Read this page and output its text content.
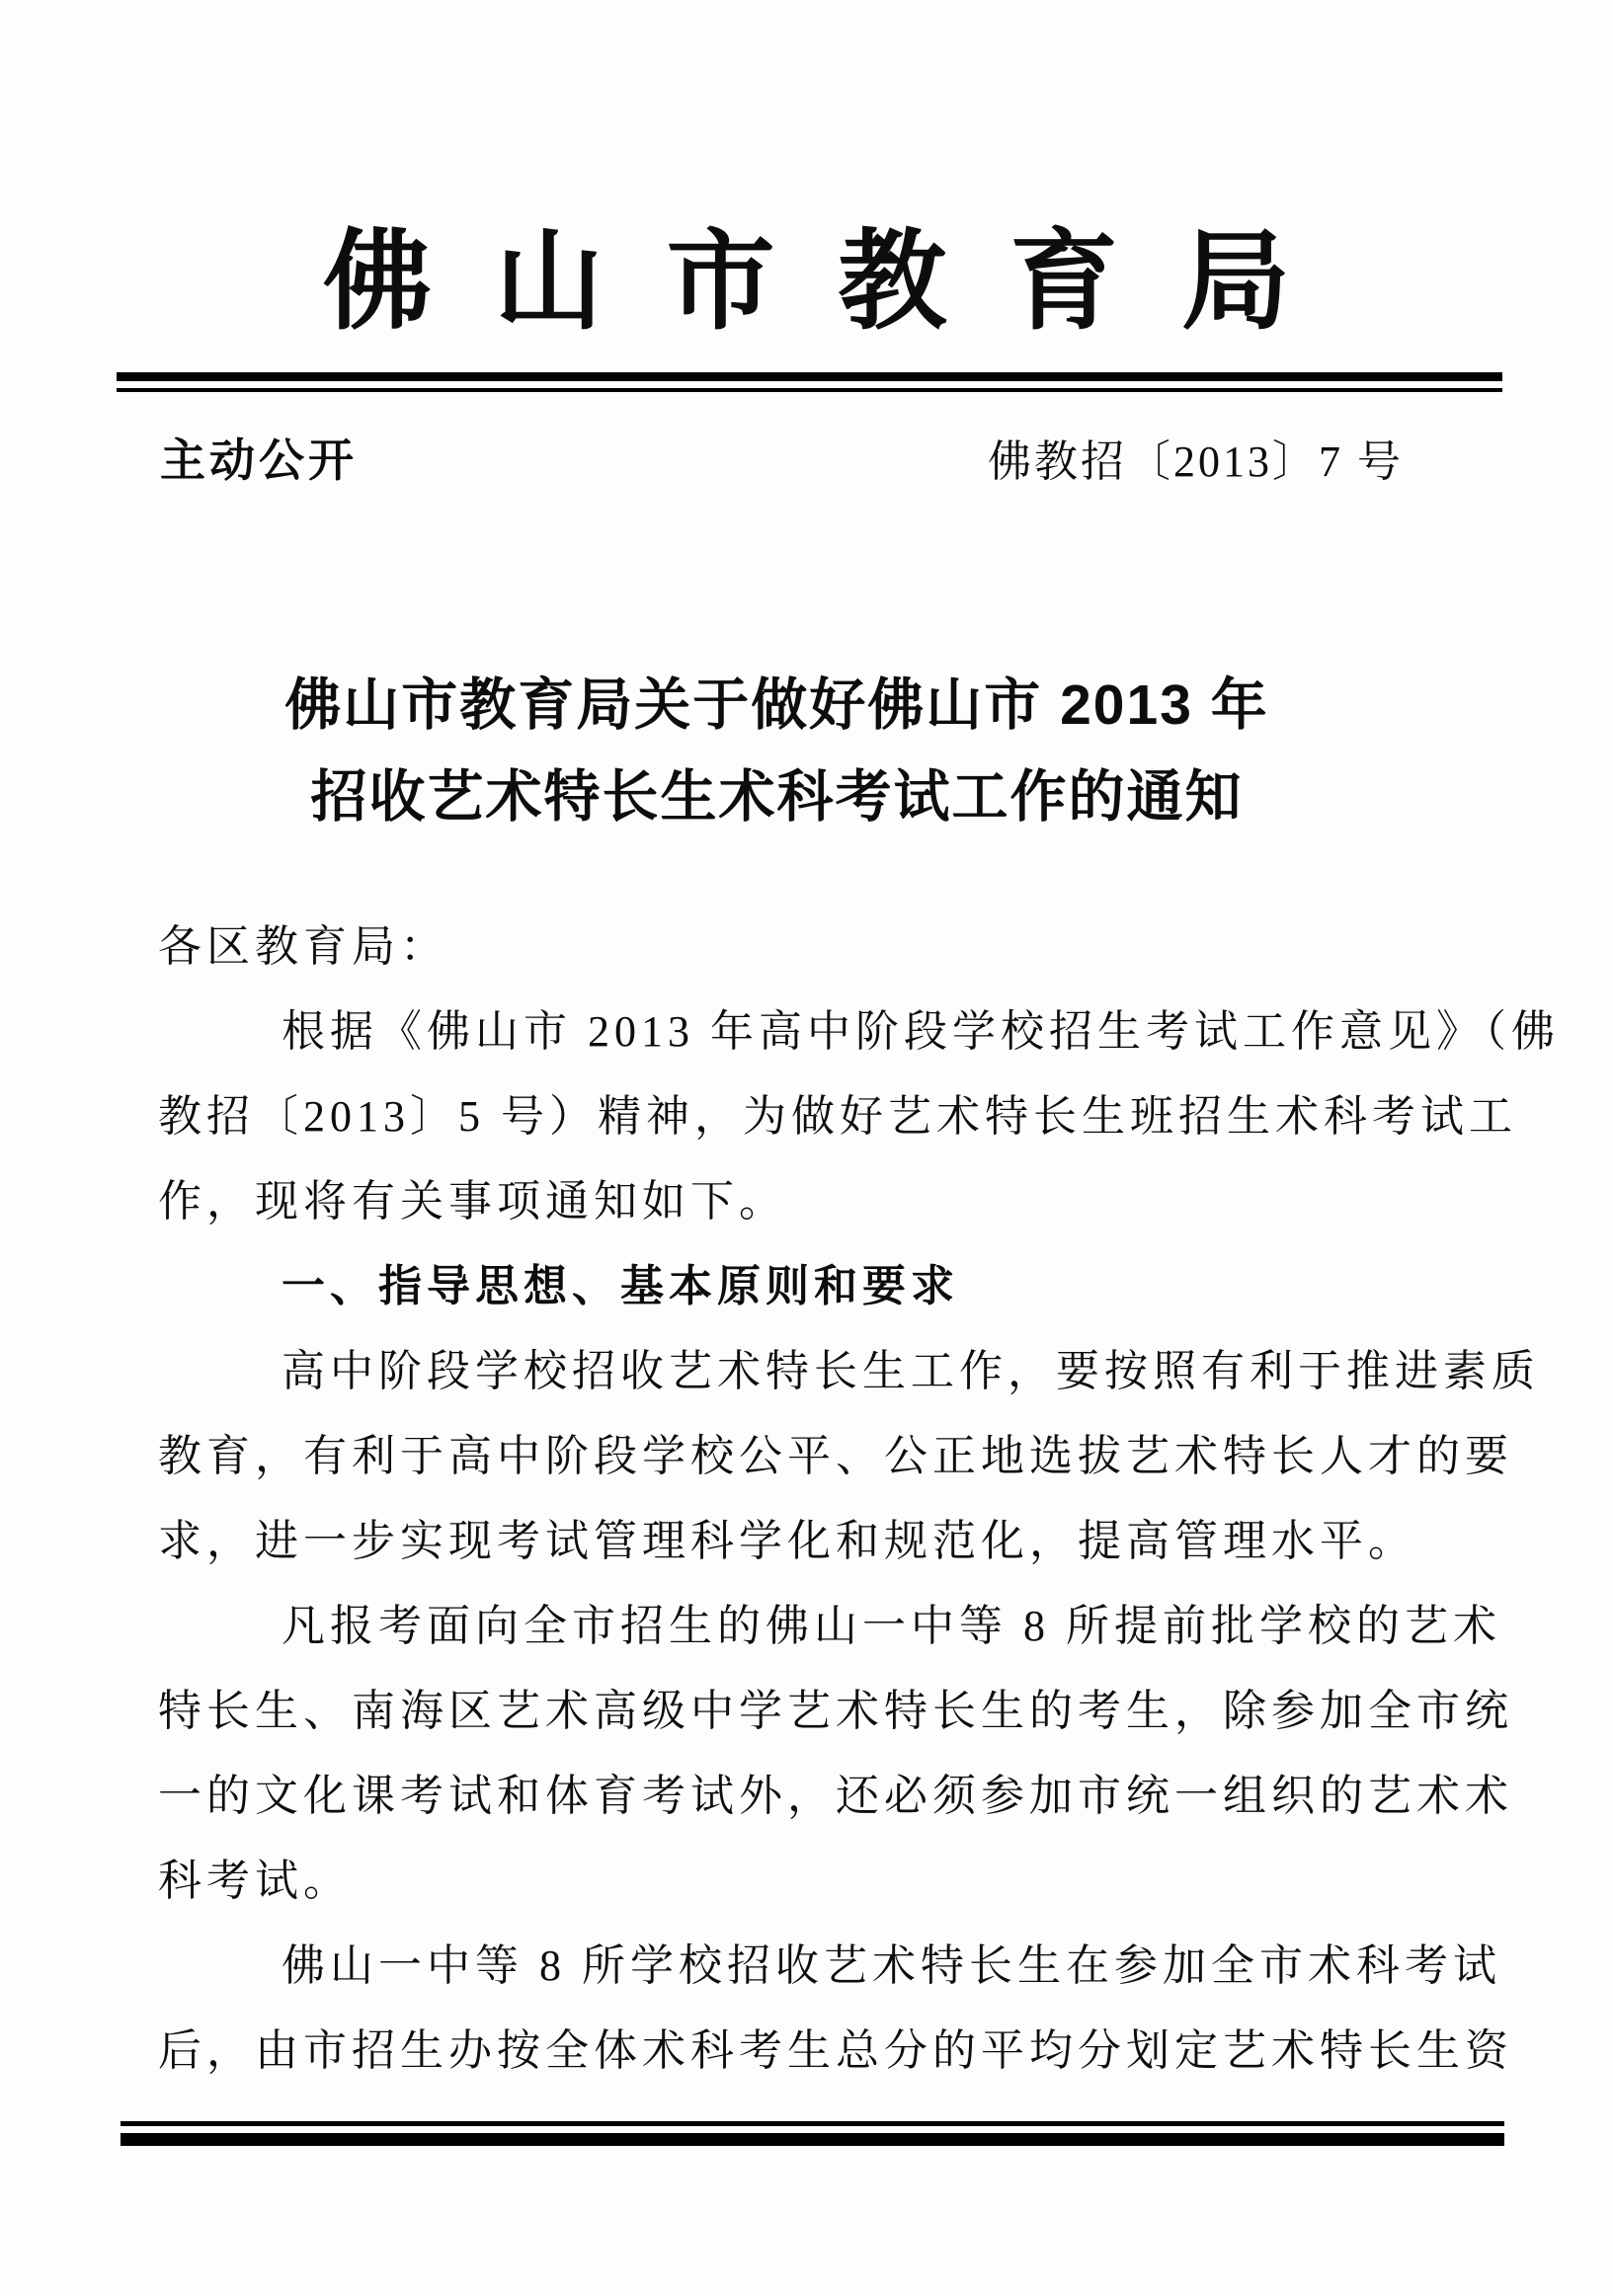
佛山市教育局
主动公开	佛教招〔2013〕7 号
佛山市教育局关于做好佛山市 2013 年
招收艺术特长生术科考试工作的通知
各区教育局：
根据《佛山市 2013 年高中阶段学校招生考试工作意见》（佛
教招〔2013〕5 号）精神，为做好艺术特长生班招生术科考试工
作，现将有关事项通知如下。
一、指导思想、基本原则和要求
高中阶段学校招收艺术特长生工作，要按照有利于推进素质
教育，有利于高中阶段学校公平、公正地选拔艺术特长人才的要
求，进一步实现考试管理科学化和规范化，提高管理水平。
凡报考面向全市招生的佛山一中等 8 所提前批学校的艺术
特长生、南海区艺术高级中学艺术特长生的考生，除参加全市统
一的文化课考试和体育考试外，还必须参加市统一组织的艺术术
科考试。
佛山一中等 8 所学校招收艺术特长生在参加全市术科考试
后，由市招生办按全体术科考生总分的平均分划定艺术特长生资
